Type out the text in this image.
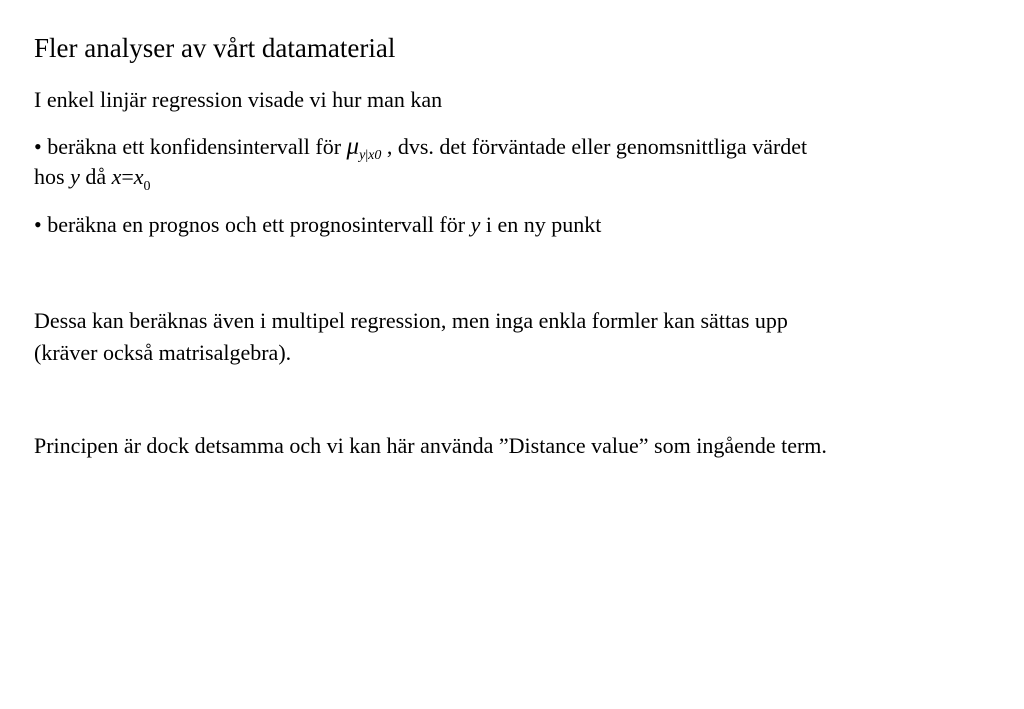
Fler analyser av vårt datamaterial
I enkel linjär regression visade vi hur man kan
• beräkna ett konfidensintervall för $\mu_{y|x0}$ , dvs. det förväntade eller genomsnittliga värdet
hos y då $x=x_0$
• beräkna en prognos och ett prognosintervall för y i en ny punkt
Dessa kan beräknas även i multipel regression, men inga enkla formler kan sättas upp
(kräver också matrisalgebra).
Principen är dock detsamma och vi kan här använda ”Distance value” som ingående term.
